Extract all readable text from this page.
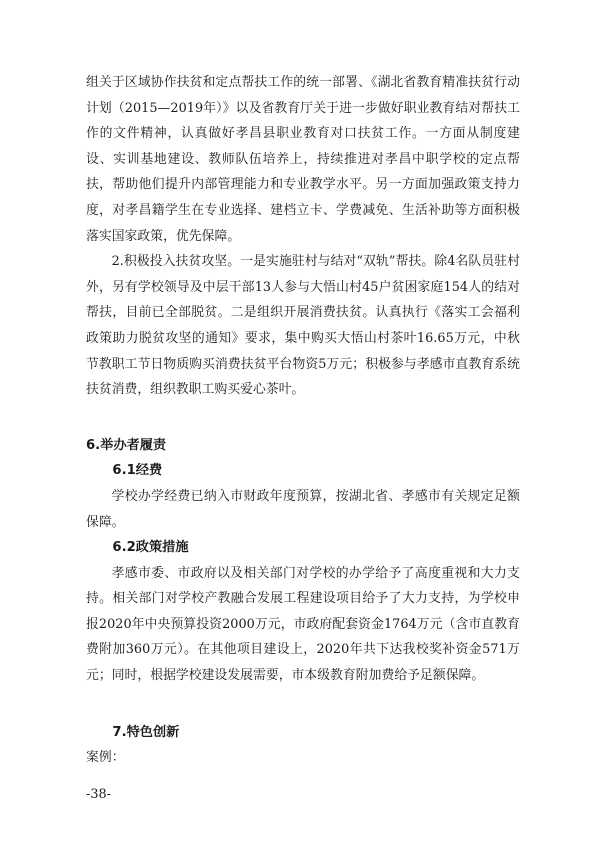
组关于区域协作扶贫和定点帮扶工作的统一部署、《湖北省教育精准扶贫行动计划（2015—2019年）》以及省教育厅关于进一步做好职业教育结对帮扶工作的文件精神，认真做好孝昌县职业教育对口扶贫工作。一方面从制度建设、实训基地建设、教师队伍培养上，持续推进对孝昌中职学校的定点帮扶，帮助他们提升内部管理能力和专业教学水平。另一方面加强政策支持力度，对孝昌籍学生在专业选择、建档立卡、学费减免、生活补助等方面积极落实国家政策，优先保障。

2.积极投入扶贫攻坚。一是实施驻村与结对“双轨”帮扶。除4名队员驻村外，另有学校领导及中层干部13人参与大悟山村45户贫困家庭154人的结对帮扶，目前已全部脱贫。二是组织开展消费扶贫。认真执行《落实工会福利政策助力脱贫攻坚的通知》要求，集中购买大悟山村茶叶16.65万元，中秋节教职工节日物质购买消费扶贫平台物资5万元；积极参与孝感市直教育系统扶贫消费，组织教职工购买爱心茶叶。

6.举办者履责
6.1经费

学校办学经费已纳入市财政年度预算，按湖北省、孝感市有关规定足额保障。

6.2政策措施

孝感市委、市政府以及相关部门对学校的办学给予了高度重视和大力支持。相关部门对学校产教融合发展工程建设项目给予了大力支持，为学校申报2020年中央预算投资2000万元，市政府配套资金1764万元（含市直教育费附加360万元）。在其他项目建设上，2020年共下达我校奖补资金571万元；同时，根据学校建设发展需要，市本级教育附加费给予足额保障。

7.特色创新

案例：

-38-
